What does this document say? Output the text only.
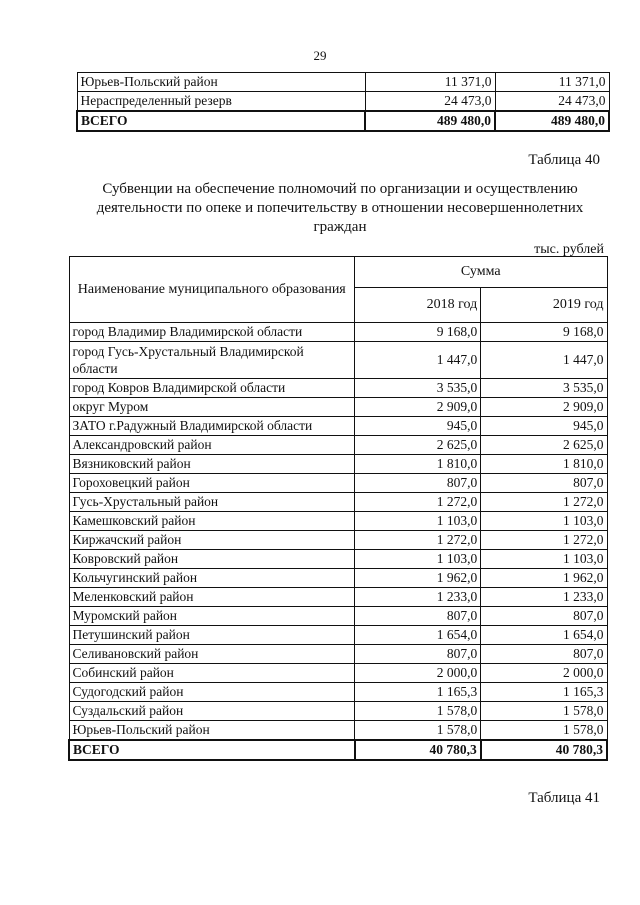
29
Юрьев-Польский район	11 371,0	11 371,0
Нераспределенный резерв	24 473,0	24 473,0
ВСЕГО	489 480,0	489 480,0
Таблица 40
Субвенции на обеспечение полномочий по организации и осуществлению деятельности по опеке и попечительству в отношении несовершеннолетних граждан
тыс. рублей
Наименование муниципального образования	Сумма	
	2018 год	2019 год
город Владимир Владимирской области	9 168,0	9 168,0
город Гусь-Хрустальный Владимирской области	1 447,0	1 447,0
город Ковров Владимирской области	3 535,0	3 535,0
округ Муром	2 909,0	2 909,0
ЗАТО г.Радужный Владимирской области	945,0	945,0
Александровский район	2 625,0	2 625,0
Вязниковский район	1 810,0	1 810,0
Гороховецкий район	807,0	807,0
Гусь-Хрустальный район	1 272,0	1 272,0
Камешковский район	1 103,0	1 103,0
Киржачский район	1 272,0	1 272,0
Ковровский район	1 103,0	1 103,0
Кольчугинский район	1 962,0	1 962,0
Меленковский район	1 233,0	1 233,0
Муромский район	807,0	807,0
Петушинский район	1 654,0	1 654,0
Селивановский район	807,0	807,0
Собинский район	2 000,0	2 000,0
Судогодский район	1 165,3	1 165,3
Суздальский район	1 578,0	1 578,0
Юрьев-Польский район	1 578,0	1 578,0
ВСЕГО	40 780,3	40 780,3
Таблица 41
